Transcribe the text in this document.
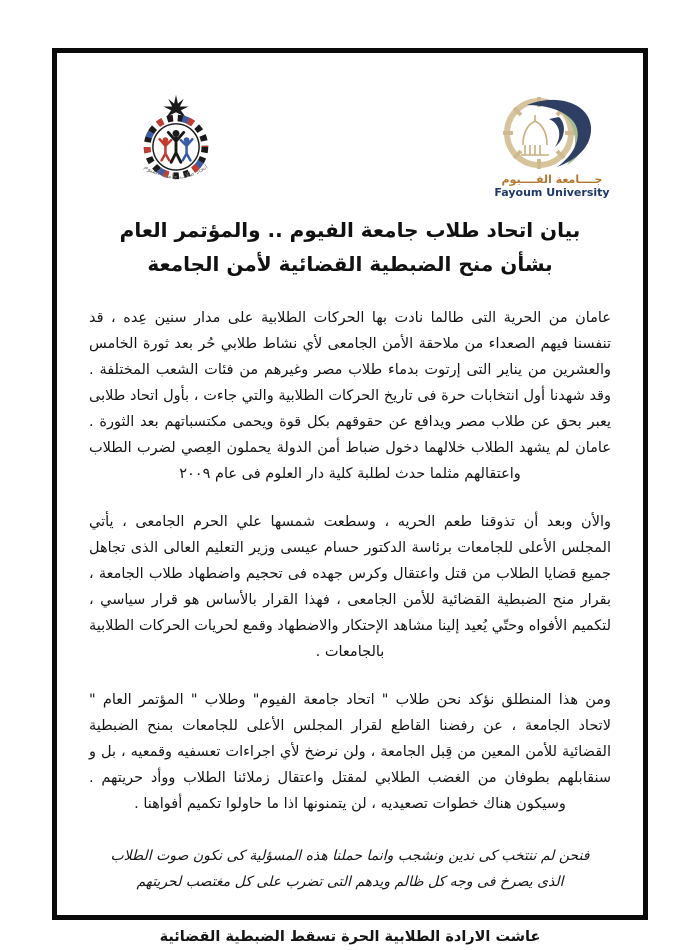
اتحاد طلاب جامعة الفيوم
جــــامعة الفــــيوم
Fayoum University
بيان اتحاد طلاب جامعة الفيوم .. والمؤتمر العام بشأن منح الضبطية القضائية لأمن الجامعة
عامان من الحرية التى طالما نادت بها الحركات الطلابية على مدار سنين عِده ، قد تنفسنا فيهم الصعداء من ملاحقة الأمن الجامعى لأي نشاط طلابي حُر بعد ثورة الخامس والعشرين من يناير التى إرتوت بدماء طلاب مصر وغيرهم من فئات الشعب المختلفة . وقد شهدنا أول انتخابات حرة فى تاريخ الحركات الطلابية والتي جاءت ، بأول اتحاد طلابى يعبر بحق عن طلاب مصر ويدافع عن حقوقهم بكل قوة ويحمى مكتسباتهم بعد الثورة . عامان لم يشهد الطلاب خلالهما دخول ضباط أمن الدولة يحملون العِصي لضرب الطلاب واعتقالهم مثلما حدث لطلبة كلية دار العلوم فى عام ٢٠٠٩
والأن وبعد أن تذوقنا طعم الحريه ، وسطعت شمسها علي الحرم الجامعى ، يأتي المجلس الأعلى للجامعات برئاسة الدكتور حسام عيسى وزير التعليم العالى الذى تجاهل جميع قضايا الطلاب من قتل واعتقال وكرس جهده فى تحجيم واضطهاد طلاب الجامعة ، بقرار منح الضبطية القضائية للأمن الجامعى ، فهذا القرار بالأساس هو قرار سياسي ، لتكميم الأفواه وحتّي يُعيد إلينا مشاهد الإحتكار والاضطهاد وقمع لحريات الحركات الطلابية بالجامعات .
ومن هذا المنطلق نؤكد نحن طلاب " اتحاد جامعة الفيوم" وطلاب " المؤتمر العام " لاتحاد الجامعة ، عن رفضنا القاطع لقرار المجلس الأعلى للجامعات بمنح الضبطية القضائية للأمن المعين من قِبل الجامعة ، ولن نرضخ لأي اجراءات تعسفيه وقمعيه ، بل و سنقابلهم بطوفان من الغضب الطلابي لمقتل واعتقال زملائنا الطلاب ووأد حريتهم . وسيكون هناك خطوات تصعيديه ، لن يتمنونها اذا ما حاولوا تكميم أفواهنا .
فنحن لم ننتخب كى ندين ونشجب وانما حملنا هذه المسؤلية كى نكون صوت الطلاب الذى يصرخ فى وجه كل ظالم ويدهم التى تضرب على كل مغتصب لحريتهم
عاشت الارادة الطلابية الحرة تسقط الضبطية القضائية
